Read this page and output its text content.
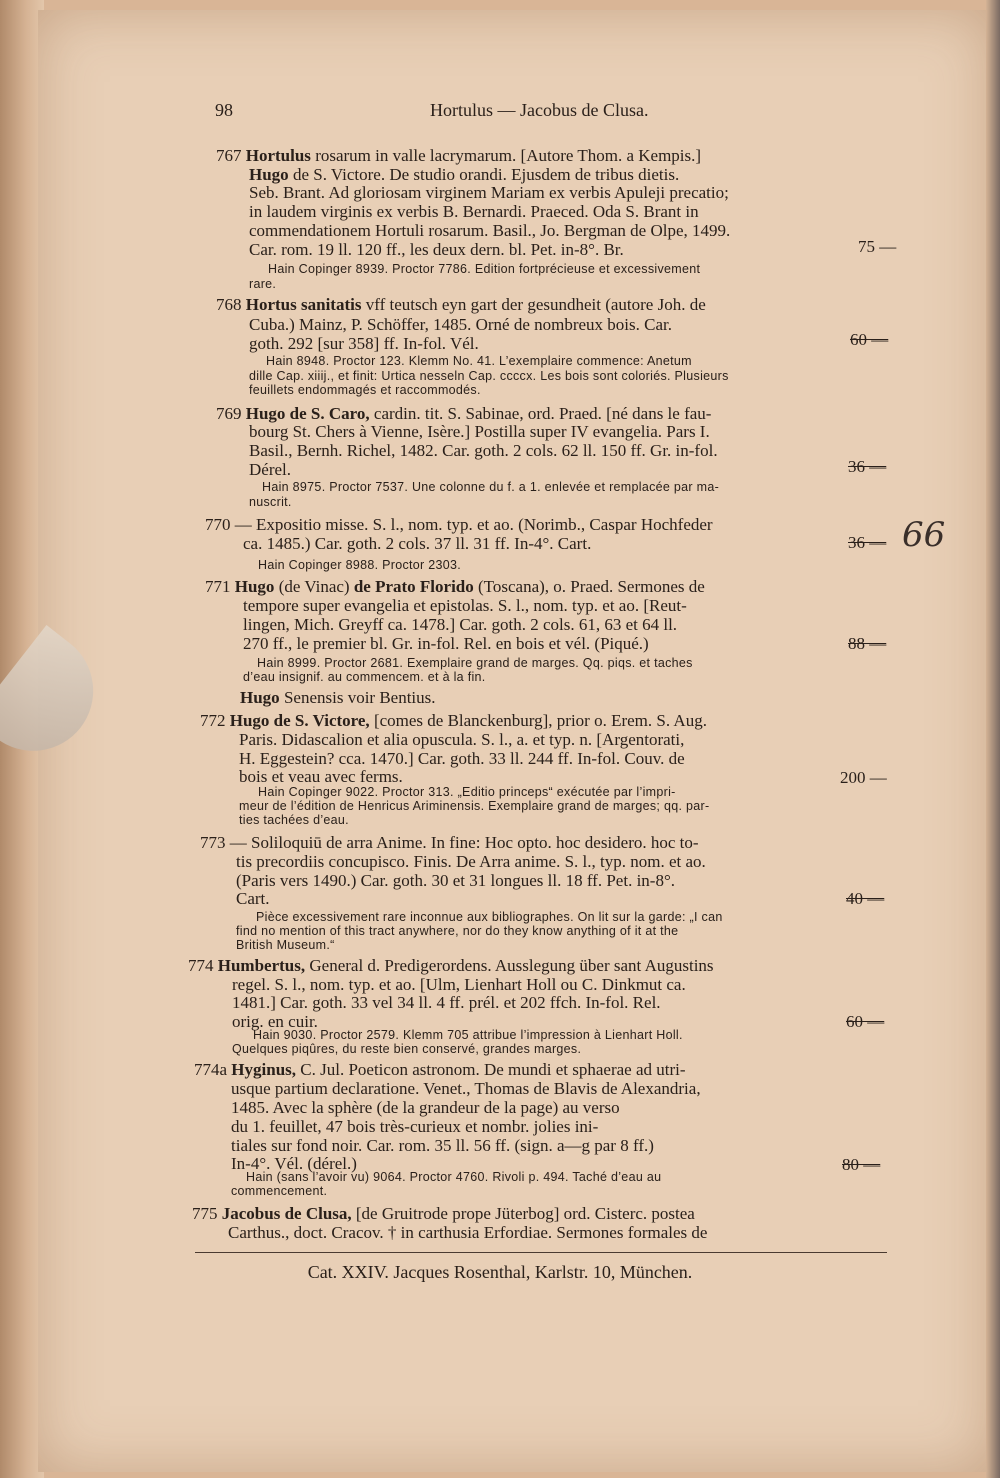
98	Hortulus — Jacobus de Clusa.
767 Hortulus rosarum in valle lacrymarum. [Autore Thom. a Kempis.]
Hugo de S. Victore. De studio orandi. Ejusdem de tribus dietis.
Seb. Brant. Ad gloriosam virginem Mariam ex verbis Apuleji precatio;
in laudem virginis ex verbis B. Bernardi. Praeced. Oda S. Brant in
commendationem Hortuli rosarum. Basil., Jo. Bergman de Olpe, 1499.
Car. rom. 19 ll. 120 ff., les deux dern. bl. Pet. in-8°. Br.
768 Hortus sanitatis vff teutsch eyn gart der gesundheit (autore Joh. de
Cuba.) Mainz, P. Schöffer, 1485. Orné de nombreux bois. Car.
goth. 292 [sur 358] ff. In-fol. Vél.
769 Hugo de S. Caro, cardin. tit. S. Sabinae, ord. Praed. [né dans le fau-
bourg St. Chers à Vienne, Isère.] Postilla super IV evangelia. Pars I.
Basil., Bernh. Richel, 1482. Car. goth. 2 cols. 62 ll. 150 ff. Gr. in-fol.
Dérel.
770 — Expositio misse. S. l., nom. typ. et ao. (Norimb., Caspar Hochfeder
ca. 1485.) Car. goth. 2 cols. 37 ll. 31 ff. In-4°. Cart.
771 Hugo (de Vinac) de Prato Florido (Toscana), o. Praed. Sermones de
tempore super evangelia et epistolas. S. l., nom. typ. et ao. [Reut-
lingen, Mich. Greyff ca. 1478.] Car. goth. 2 cols. 61, 63 et 64 ll.
270 ff., le premier bl. Gr. in-fol. Rel. en bois et vél. (Piqué.)
Hugo Senensis voir Bentius.
772 Hugo de S. Victore, [comes de Blanckenburg], prior o. Erem. S. Aug.
Paris. Didascalion et alia opuscula. S. l., a. et typ. n. [Argentorati,
H. Eggestein? cca. 1470.] Car. goth. 33 ll. 244 ff. In-fol. Couv. de
bois et veau avec ferms.
773 — Soliloquiū de arra Anime. In fine: Hoc opto. hoc desidero. hoc to-
tis precordiis concupisco. Finis. De Arra anime. S. l., typ. nom. et ao.
(Paris vers 1490.) Car. goth. 30 et 31 longues ll. 18 ff. Pet. in-8°.
Cart.
774 Humbertus, General d. Predigerordens. Ausslegung über sant Augustins
regel. S. l., nom. typ. et ao. [Ulm, Lienhart Holl ou C. Dinkmut ca.
1481.] Car. goth. 33 vel 34 ll. 4 ff. prél. et 202 ffch. In-fol. Rel.
orig. en cuir.
774a Hyginus, C. Jul. Poeticon astronom. De mundi et sphaerae ad utri-
usque partium declaratione. Venet., Thomas de Blavis de Alexandria,
1485. Avec la sphère (de la grandeur de la page) au verso
du 1. feuillet, 47 bois très-curieux et nombr. jolies ini-
tiales sur fond noir. Car. rom. 35 ll. 56 ff. (sign. a—g par 8 ff.)
In-4°. Vél. (dérel.)
775 Jacobus de Clusa, [de Gruitrode prope Jüterbog] ord. Cisterc. postea
Carthus., doct. Cracov. † in carthusia Erfordiae. Sermones formales de
Hain Copinger 8939. Proctor 7786. Edition fortprécieuse et excessivement
rare.
Hain 8948. Proctor 123. Klemm No. 41. L’exemplaire commence: Anetum
dille Cap. xiiij., et finit: Urtica nesseln Cap. ccccx. Les bois sont coloriés. Plusieurs
feuillets endommagés et raccommodés.
Hain 8975. Proctor 7537. Une colonne du f. a 1. enlevée et remplacée par ma-
nuscrit.
Hain Copinger 8988. Proctor 2303.
Hain 8999. Proctor 2681. Exemplaire grand de marges. Qq. piqs. et taches
d’eau insignif. au commencem. et à la fin.
Hain Copinger 9022. Proctor 313. „Editio princeps“ exécutée par l’impri-
meur de l’édition de Henricus Ariminensis. Exemplaire grand de marges; qq. par-
ties tachées d’eau.
Pièce excessivement rare inconnue aux bibliographes. On lit sur la garde: „I can
find no mention of this tract anywhere, nor do they know anything of it at the
British Museum.“
Hain 9030. Proctor 2579. Klemm 705 attribue l’impression à Lienhart Holl.
Quelques piqûres, du reste bien conservé, grandes marges.
Hain (sans l’avoir vu) 9064. Proctor 4760. Rivoli p. 494. Taché d’eau au
commencement.
75 —
60 —
36 —
36 —
88 —
200 —
40 —
60 —
80 —
66
Cat. XXIV. Jacques Rosenthal, Karlstr. 10, München.
